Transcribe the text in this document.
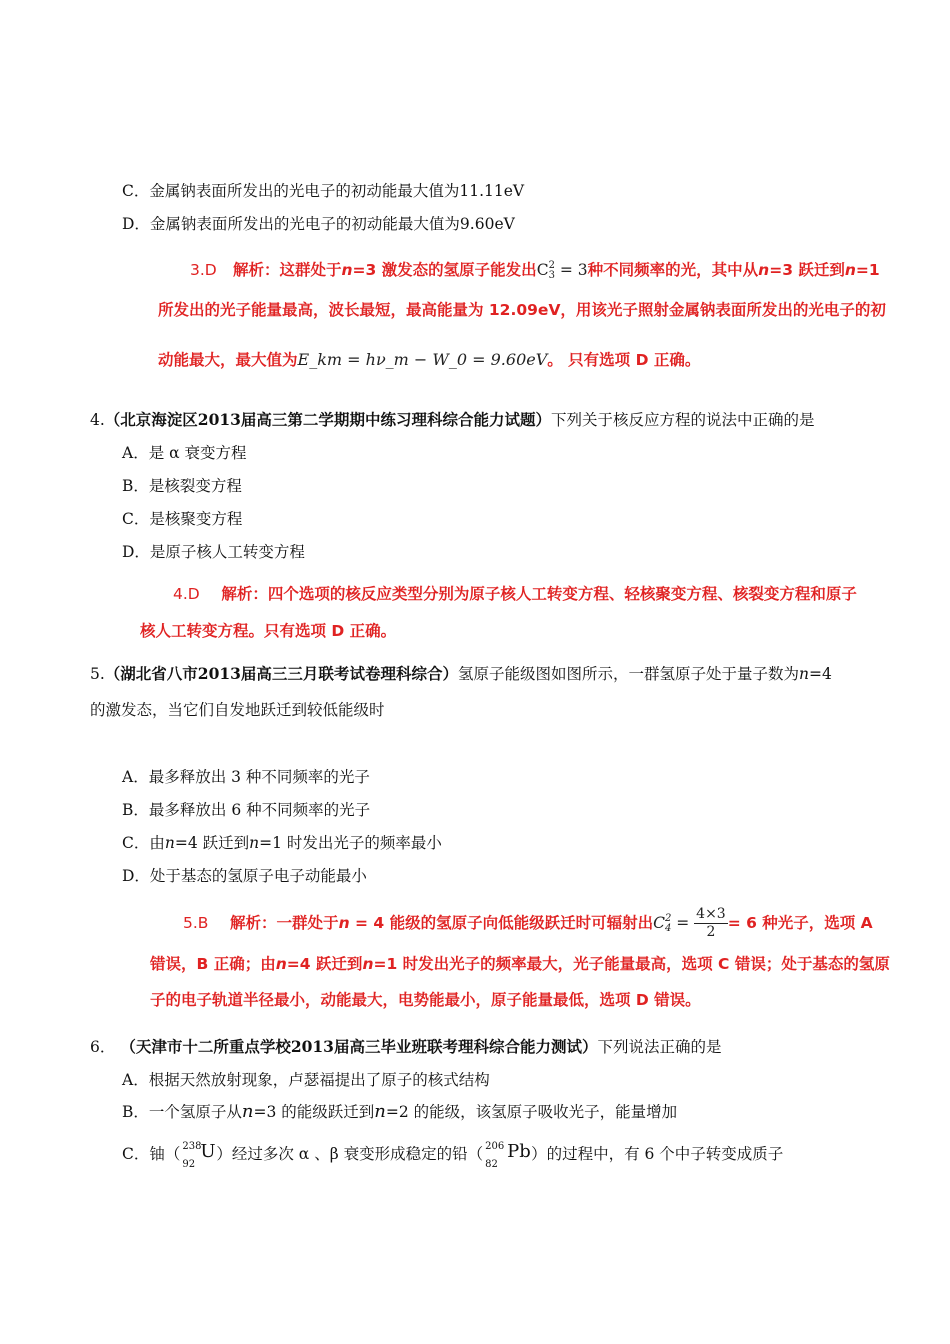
C．金属钠表面所发出的光电子的初动能最大值为11.11eV
D．金属钠表面所发出的光电子的初动能最大值为9.60eV
3.D 解析：这群处于n=3 激发态的氢原子能发出C 2
3 = 3种不同频率的光，其中从n=3 跃迁到n=1
所发出的光子能量最高，波长最短，最高能量为 12.09eV，用该光子照射金属钠表面所发出的光电子的初
动能最大，最大值为E_km = hν_m − W_0 = 9.60eV。 只有选项 D 正确。
4.（北京海淀区2013届高三第二学期期中练习理科综合能力试题）下列关于核反应方程的说法中正确的是
A．是 α 衰变方程
B．是核裂变方程
C．是核聚变方程
D．是原子核人工转变方程
4.D 解析：四个选项的核反应类型分别为原子核人工转变方程、轻核聚变方程、核裂变方程和原子
核人工转变方程。只有选项 D 正确。
5.（湖北省八市2013届高三三月联考试卷理科综合）氢原子能级图如图所示，一群氢原子处于量子数为n=4
的激发态，当它们自发地跃迁到较低能级时
A．最多释放出 3 种不同频率的光子
B．最多释放出 6 种不同频率的光子
C．由n=4 跃迁到n=1 时发出光子的频率最小
D．处于基态的氢原子电子动能最小
5.B 解析：一群处于n = 4 能级的氢原子向低能级跃迁时可辐射出C 2
$4 = \frac{4\times 3}{2} = 6$ 种光子，选项 A
错误，B 正确；由n=4 跃迁到n=1 时发出光子的频率最大，光子能量最高，选项 C 错误；处于基态的氢原
子的电子轨道半径最小，动能最大，电势能最小，原子能量最低，选项 D 错误。
6． （天津市十二所重点学校2013届高三毕业班联考理科综合能力测试）下列说法正确的是
A．根据天然放射现象，卢瑟福提出了原子的核式结构
B．一个氢原子从n=3 的能级跃迁到n=2 的能级，该氢原子吸收光子，能量增加
C．铀（ 238
92
U ）经过多次 α 、β 衰变形成稳定的铅（ 206
82
Pb ）的过程中，有 6 个中子转变成质子
